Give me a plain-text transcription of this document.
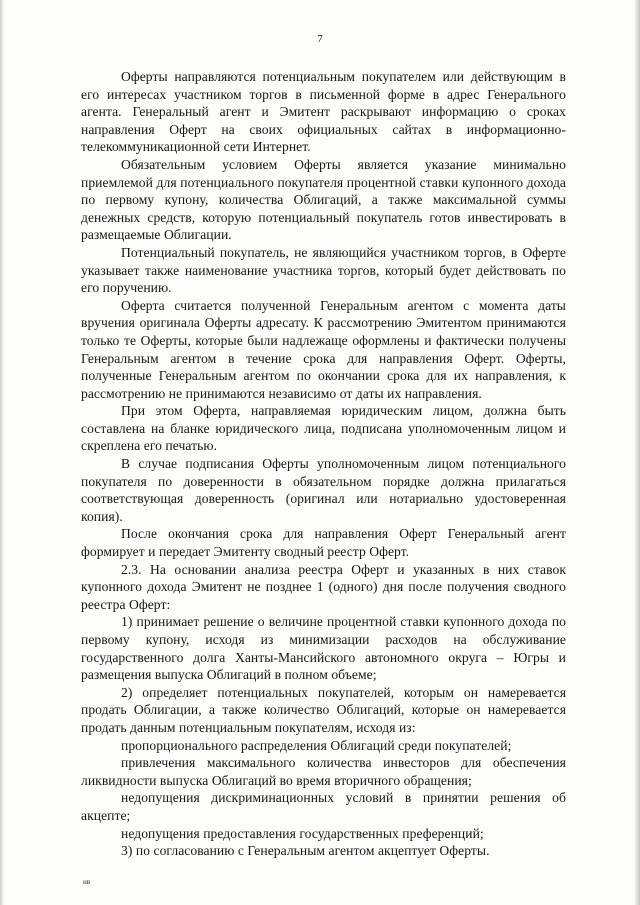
7

Оферты направляются потенциальным покупателем или действующим в его интересах участником торгов в письменной форме в адрес Генерального агента. Генеральный агент и Эмитент раскрывают информацию о сроках направления Оферт на своих официальных сайтах в информационно-телекоммуникационной сети Интернет.

Обязательным условием Оферты является указание минимально приемлемой для потенциального покупателя процентной ставки купонного дохода по первому купону, количества Облигаций, а также максимальной суммы денежных средств, которую потенциальный покупатель готов инвестировать в размещаемые Облигации.

Потенциальный покупатель, не являющийся участником торгов, в Оферте указывает также наименование участника торгов, который будет действовать по его поручению.

Оферта считается полученной Генеральным агентом с момента даты вручения оригинала Оферты адресату. К рассмотрению Эмитентом принимаются только те Оферты, которые были надлежаще оформлены и фактически получены Генеральным агентом в течение срока для направления Оферт. Оферты, полученные Генеральным агентом по окончании срока для их направления, к рассмотрению не принимаются независимо от даты их направления.

При этом Оферта, направляемая юридическим лицом, должна быть составлена на бланке юридического лица, подписана уполномоченным лицом и скреплена его печатью.

В случае подписания Оферты уполномоченным лицом потенциального покупателя по доверенности в обязательном порядке должна прилагаться соответствующая доверенность (оригинал или нотариально удостоверенная копия).

После окончания срока для направления Оферт Генеральный агент формирует и передает Эмитенту сводный реестр Оферт.

2.3. На основании анализа реестра Оферт и указанных в них ставок купонного дохода Эмитент не позднее 1 (одного) дня после получения сводного реестра Оферт:

1) принимает решение о величине процентной ставки купонного дохода по первому купону, исходя из минимизации расходов на обслуживание государственного долга Ханты-Мансийского автономного округа – Югры и размещения выпуска Облигаций в полном объеме;

2) определяет потенциальных покупателей, которым он намеревается продать Облигации, а также количество Облигаций, которые он намеревается продать данным потенциальным покупателям, исходя из:

пропорционального распределения Облигаций среди покупателей;

привлечения максимального количества инвесторов для обеспечения ликвидности выпуска Облигаций во время вторичного обращения;

недопущения дискриминационных условий в принятии решения об акцепте;

недопущения предоставления государственных преференций;

3) по согласованию с Генеральным агентом акцептует Оферты.

нв
